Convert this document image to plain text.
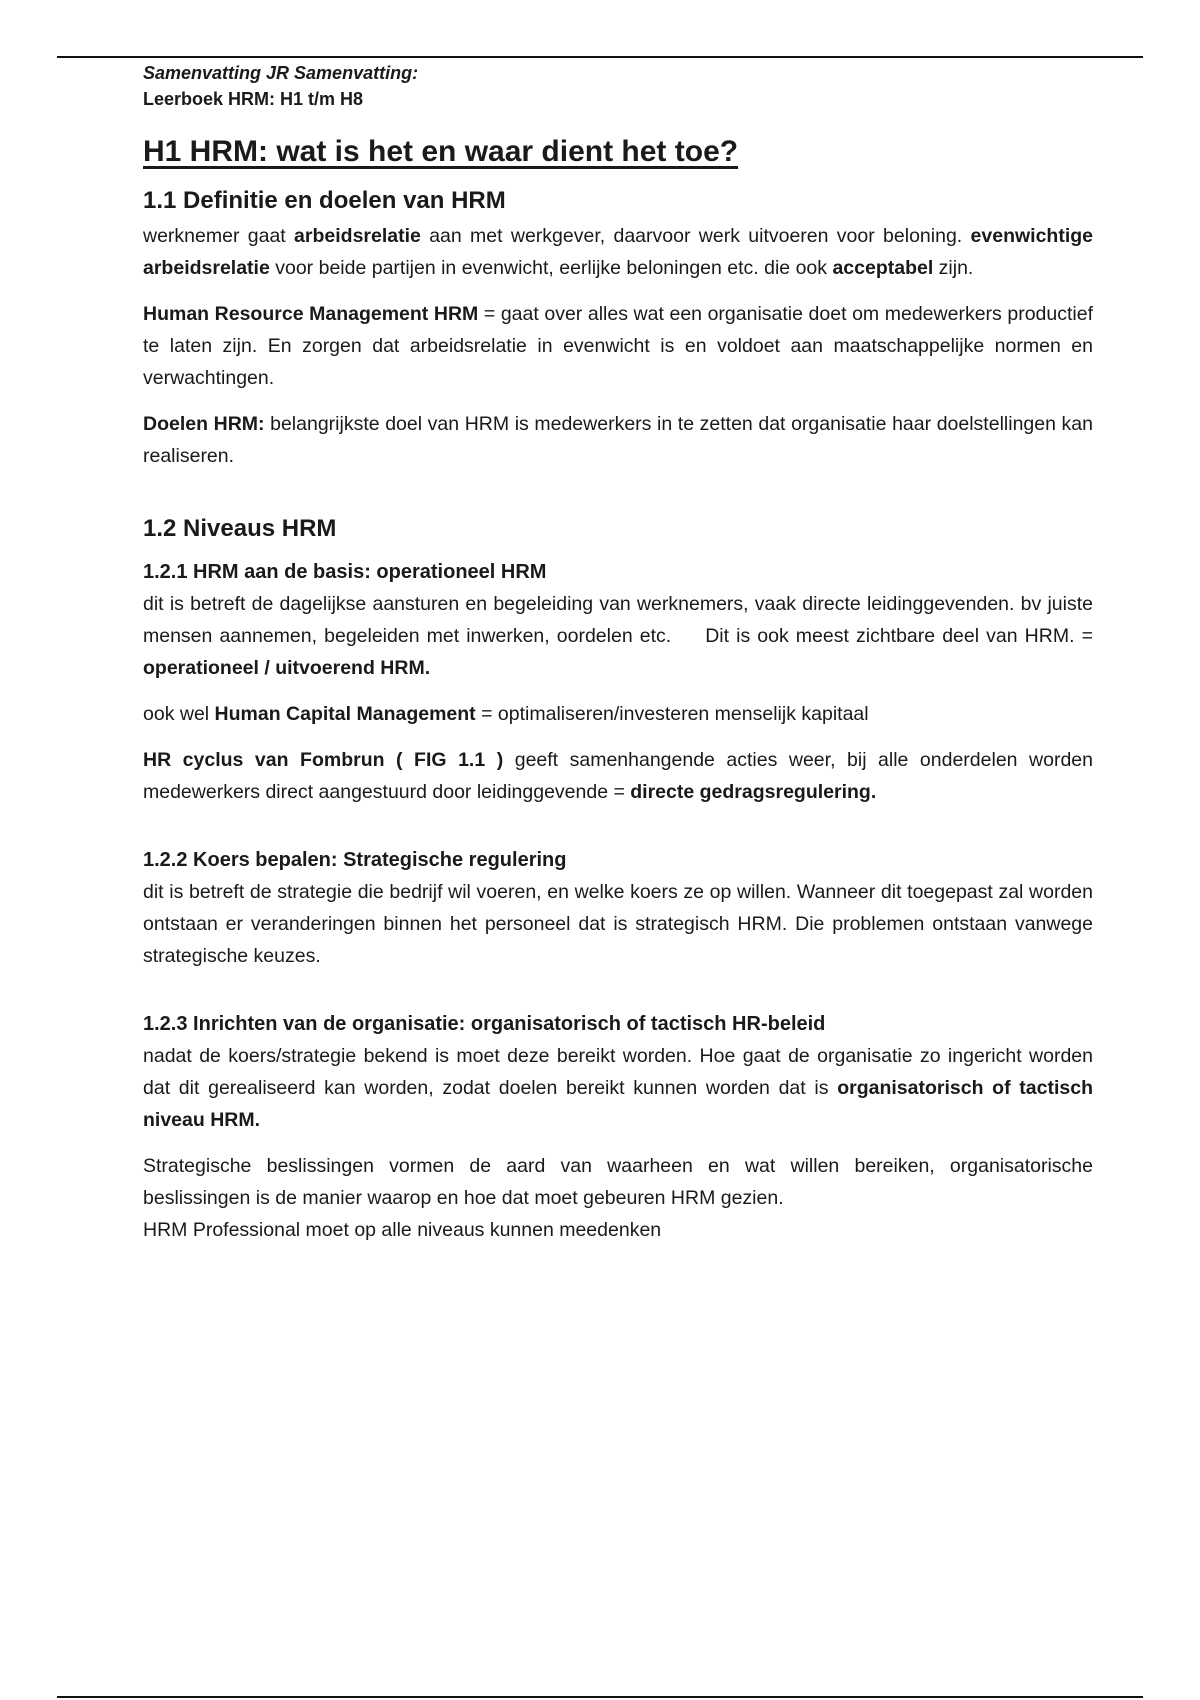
Samenvatting JR Samenvatting:
Leerboek HRM: H1 t/m H8
H1 HRM: wat is het en waar dient het toe?
1.1 Definitie en doelen van HRM

werknemer gaat arbeidsrelatie aan met werkgever, daarvoor werk uitvoeren voor beloning. evenwichtige arbeidsrelatie voor beide partijen in evenwicht, eerlijke beloningen etc. die ook acceptabel zijn.

Human Resource Management HRM = gaat over alles wat een organisatie doet om medewerkers productief te laten zijn. En zorgen dat arbeidsrelatie in evenwicht is en voldoet aan maatschappelijke normen en verwachtingen.

Doelen HRM: belangrijkste doel van HRM is medewerkers in te zetten dat organisatie haar doelstellingen kan realiseren.

1.2 Niveaus HRM
1.2.1 HRM aan de basis: operationeel HRM

dit is betreft de dagelijkse aansturen en begeleiding van werknemers, vaak directe leidinggevenden. bv juiste mensen aannemen, begeleiden met inwerken, oordelen etc. Dit is ook meest zichtbare deel van HRM. = operationeel / uitvoerend HRM.

ook wel Human Capital Management = optimaliseren/investeren menselijk kapitaal

HR cyclus van Fombrun ( FIG 1.1 ) geeft samenhangende acties weer, bij alle onderdelen worden medewerkers direct aangestuurd door leidinggevende = directe gedragsregulering.

1.2.2 Koers bepalen: Strategische regulering

dit is betreft de strategie die bedrijf wil voeren, en welke koers ze op willen. Wanneer dit toegepast zal worden ontstaan er veranderingen binnen het personeel dat is strategisch HRM. Die problemen ontstaan vanwege strategische keuzes.

1.2.3 Inrichten van de organisatie: organisatorisch of tactisch HR-beleid

nadat de koers/strategie bekend is moet deze bereikt worden. Hoe gaat de organisatie zo ingericht worden dat dit gerealiseerd kan worden, zodat doelen bereikt kunnen worden dat is organisatorisch of tactisch niveau HRM.

Strategische beslissingen vormen de aard van waarheen en wat willen bereiken, organisatorische beslissingen is de manier waarop en hoe dat moet gebeuren HRM gezien.

HRM Professional moet op alle niveaus kunnen meedenken
